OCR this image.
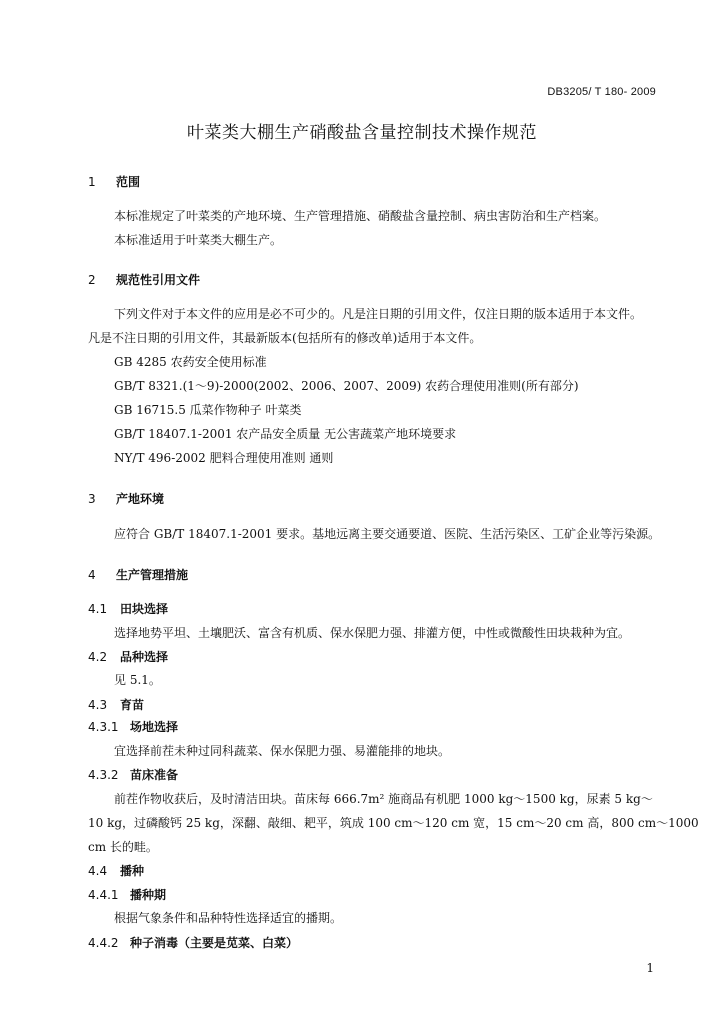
DB3205/ T 180- 2009
叶菜类大棚生产硝酸盐含量控制技术操作规范
1 范围
本标准规定了叶菜类的产地环境、生产管理措施、硝酸盐含量控制、病虫害防治和生产档案。
本标准适用于叶菜类大棚生产。
2 规范性引用文件
下列文件对于本文件的应用是必不可少的。凡是注日期的引用文件，仅注日期的版本适用于本文件。
凡是不注日期的引用文件，其最新版本(包括所有的修改单)适用于本文件。
GB 4285 农药安全使用标准
GB/T 8321.(1～9)-2000(2002、2006、2007、2009) 农药合理使用准则(所有部分)
GB 16715.5 瓜菜作物种子 叶菜类
GB/T 18407.1-2001 农产品安全质量 无公害蔬菜产地环境要求
NY/T 496-2002 肥料合理使用准则 通则
3 产地环境
应符合 GB/T 18407.1-2001 要求。基地远离主要交通要道、医院、生活污染区、工矿企业等污染源。
4 生产管理措施
4.1 田块选择
选择地势平坦、土壤肥沃、富含有机质、保水保肥力强、排灌方便，中性或微酸性田块栽种为宜。
4.2 品种选择
见 5.1。
4.3 育苗
4.3.1 场地选择
宜选择前茬未种过同科蔬菜、保水保肥力强、易灌能排的地块。
4.3.2 苗床准备
前茬作物收获后，及时清洁田块。苗床每 666.7m² 施商品有机肥 1000 kg～1500 kg，尿素 5 kg～
10 kg，过磷酸钙 25 kg，深翻、敲细、耙平，筑成 100 cm～120 cm 宽，15 cm～20 cm 高，800 cm～1000
cm 长的畦。
4.4 播种
4.4.1 播种期
根据气象条件和品种特性选择适宜的播期。
4.4.2 种子消毒（主要是苋菜、白菜）
1
